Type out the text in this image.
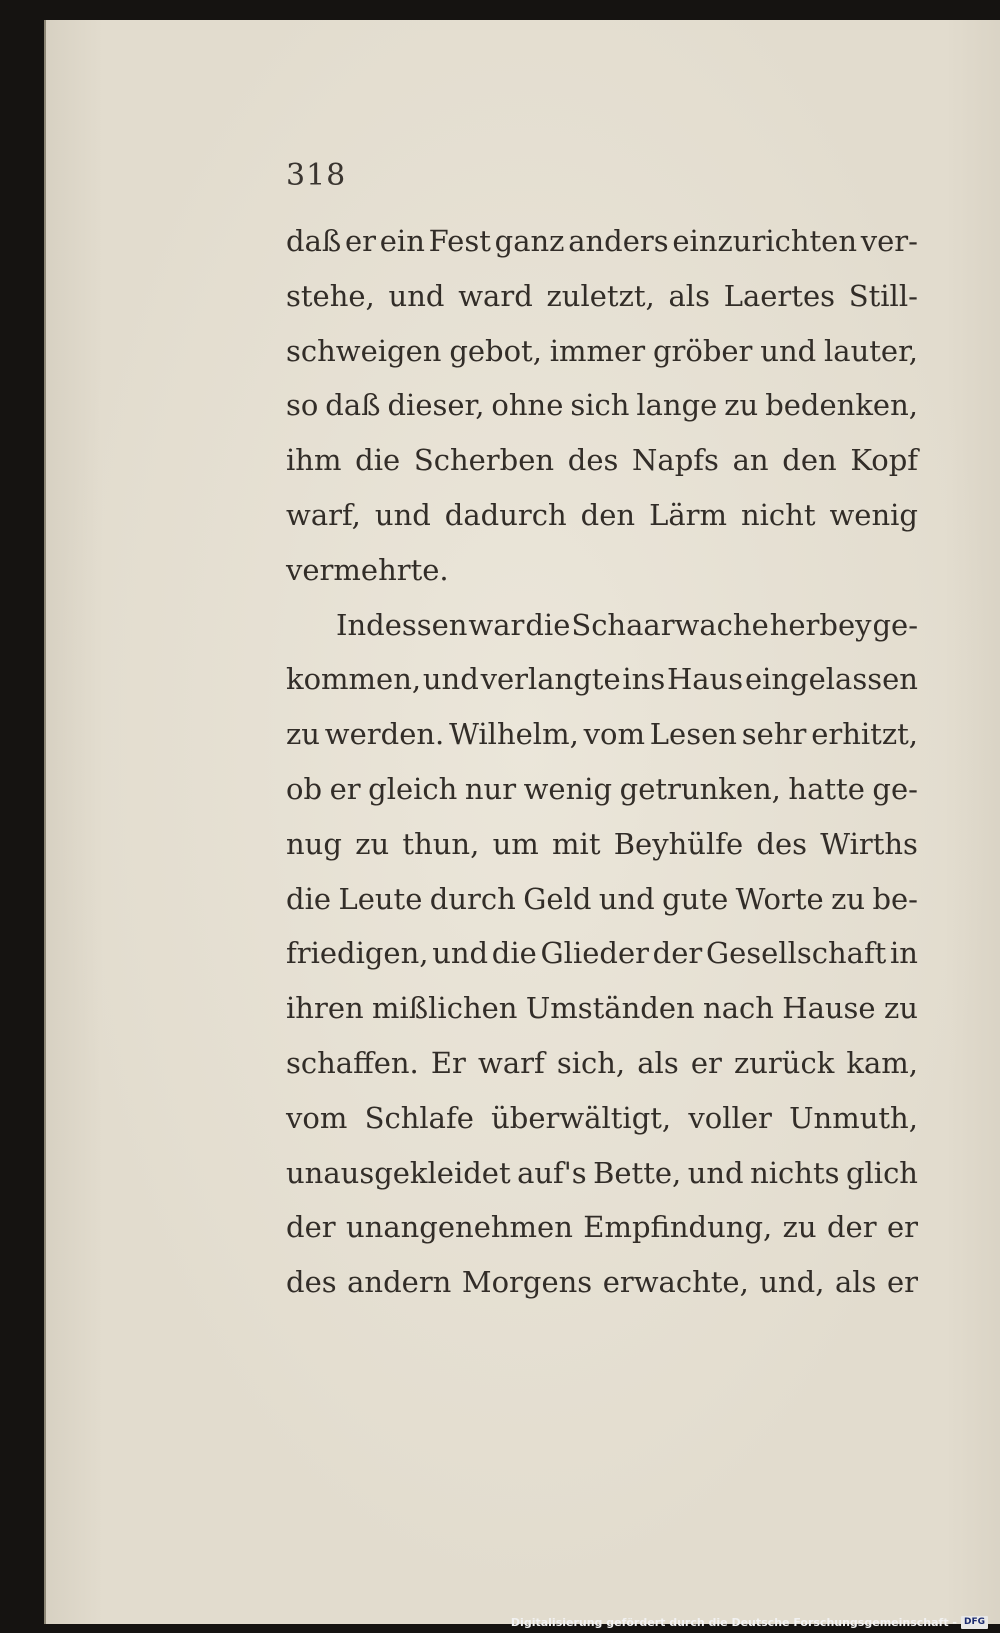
318
daß er ein Fest ganz anders einzurichten ver-
stehe, und ward zuletzt, als Laertes Still-
schweigen gebot, immer gröber und lauter,
so daß dieser, ohne sich lange zu bedenken,
ihm die Scherben des Napfs an den Kopf
warf, und dadurch den Lärm nicht wenig
vermehrte.
Indessen war die Schaarwache herbey ge-
kommen, und verlangte ins Haus eingelassen
zu werden. Wilhelm, vom Lesen sehr erhitzt,
ob er gleich nur wenig getrunken, hatte ge-
nug zu thun, um mit Beyhülfe des Wirths
die Leute durch Geld und gute Worte zu be-
friedigen, und die Glieder der Gesellschaft in
ihren mißlichen Umständen nach Hause zu
schaffen. Er warf sich, als er zurück kam,
vom Schlafe überwältigt, voller Unmuth,
unausgekleidet auf's Bette, und nichts glich
der unangenehmen Empfindung, zu der er
des andern Morgens erwachte, und, als er
Digitalisierung gefördert durch die Deutsche Forschungsgemeinschaft - DFG
